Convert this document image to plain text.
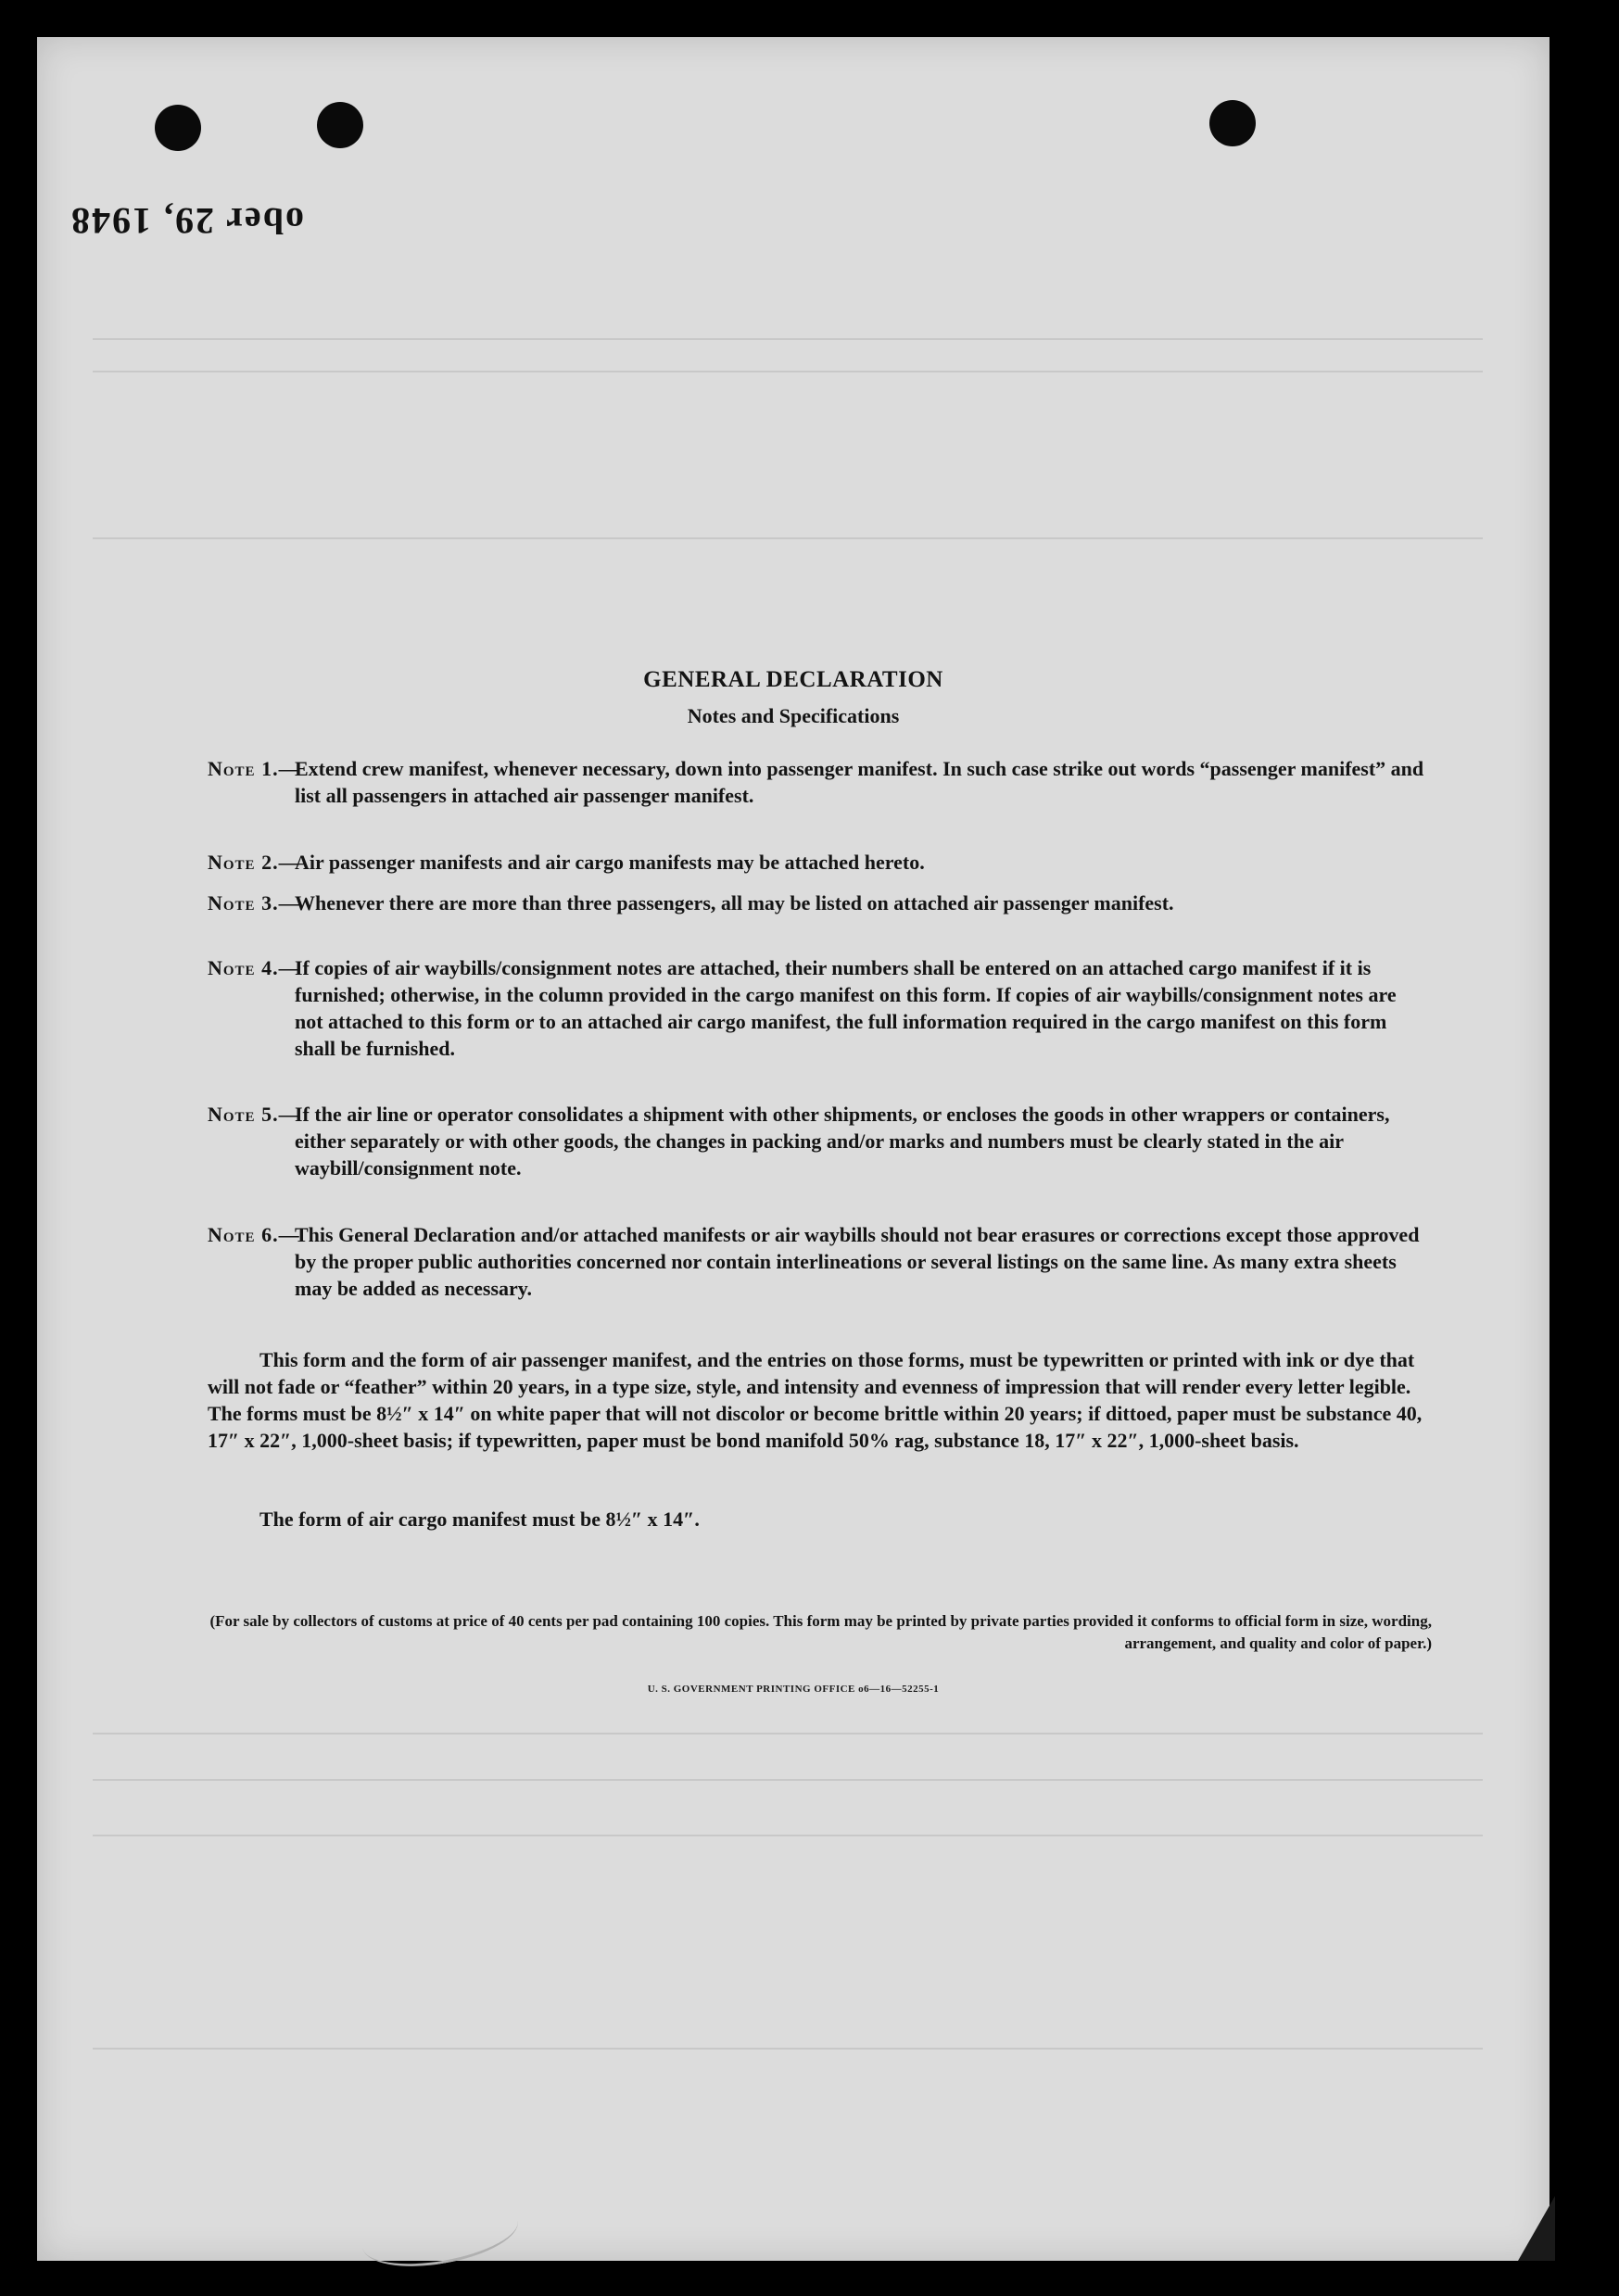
ober 29, 1948
GENERAL DECLARATION
Notes and Specifications
Note 1.—
Extend crew manifest, whenever necessary, down into passenger manifest. In such case strike out words “passenger manifest” and list all passengers in attached air passenger manifest.
Note 2.—
Air passenger manifests and air cargo manifests may be attached hereto.
Note 3.—
Whenever there are more than three passengers, all may be listed on attached air passenger manifest.
Note 4.—
If copies of air waybills/consignment notes are attached, their numbers shall be entered on an attached cargo manifest if it is furnished; otherwise, in the column provided in the cargo manifest on this form. If copies of air waybills/consignment notes are not attached to this form or to an attached air cargo manifest, the full information required in the cargo manifest on this form shall be furnished.
Note 5.—
If the air line or operator consolidates a shipment with other shipments, or encloses the goods in other wrappers or containers, either separately or with other goods, the changes in packing and/or marks and numbers must be clearly stated in the air waybill/consignment note.
Note 6.—
This General Declaration and/or attached manifests or air waybills should not bear erasures or corrections except those approved by the proper public authorities concerned nor contain interlineations or several listings on the same line. As many extra sheets may be added as necessary.
This form and the form of air passenger manifest, and the entries on those forms, must be typewritten or printed with ink or dye that will not fade or “feather” within 20 years, in a type size, style, and intensity and evenness of impression that will render every letter legible. The forms must be 8½″ x 14″ on white paper that will not discolor or become brittle within 20 years; if dittoed, paper must be substance 40, 17″ x 22″, 1,000-sheet basis; if typewritten, paper must be bond manifold 50% rag, substance 18, 17″ x 22″, 1,000-sheet basis.
The form of air cargo manifest must be 8½″ x 14″.
(For sale by collectors of customs at price of 40 cents per pad containing 100 copies. This form may be printed by private parties provided it conforms to official form in size, wording, arrangement, and quality and color of paper.)
U. S. GOVERNMENT PRINTING OFFICE o6—16—52255-1
